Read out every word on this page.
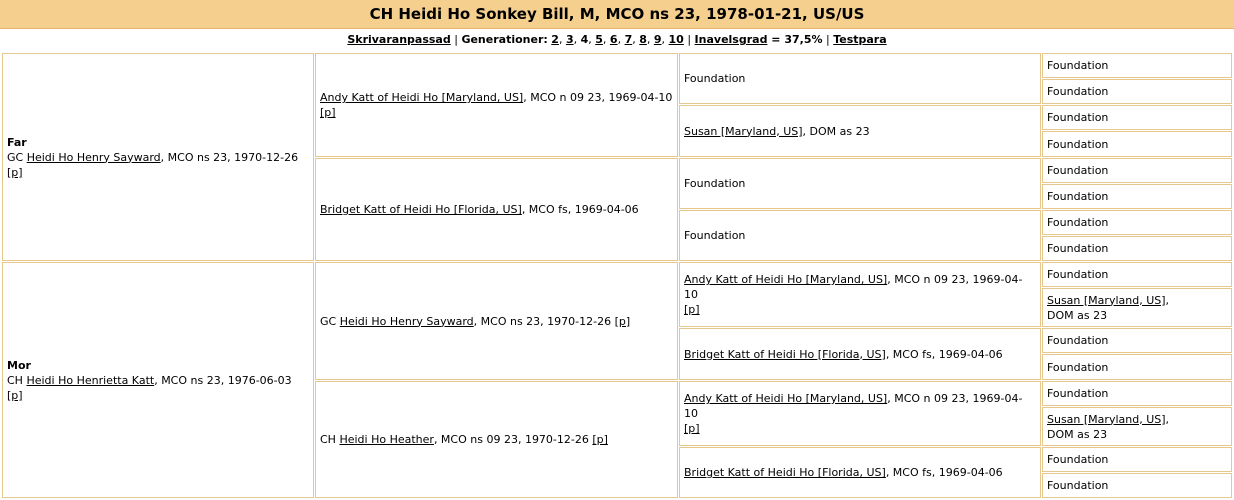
CH Heidi Ho Sonkey Bill, M, MCO ns 23, 1978-01-21, US/US
Skrivaranpassad | Generationer: 2, 3, 4, 5, 6, 7, 8, 9, 10 | Inavelsgrad = 37,5% | Testpara
Far
GC Heidi Ho Henry Sayward, MCO ns 23, 1970-12-26
[p]
Mor
CH Heidi Ho Henrietta Katt, MCO ns 23, 1976-06-03 [p]
Andy Katt of Heidi Ho [Maryland, US], MCO n 09 23, 1969-04-10
[p]
Bridget Katt of Heidi Ho [Florida, US], MCO fs, 1969-04-06
GC Heidi Ho Henry Sayward, MCO ns 23, 1970-12-26 [p]
CH Heidi Ho Heather, MCO ns 09 23, 1970-12-26 [p]
Foundation
Susan [Maryland, US], DOM as 23
Foundation
Foundation
Andy Katt of Heidi Ho [Maryland, US], MCO n 09 23, 1969-04-10
[p]
Bridget Katt of Heidi Ho [Florida, US], MCO fs, 1969-04-06
Andy Katt of Heidi Ho [Maryland, US], MCO n 09 23, 1969-04-10
[p]
Bridget Katt of Heidi Ho [Florida, US], MCO fs, 1969-04-06
Foundation
Foundation
Foundation
Foundation
Foundation
Foundation
Foundation
Foundation
Foundation
Susan [Maryland, US],
DOM as 23
Foundation
Foundation
Foundation
Susan [Maryland, US],
DOM as 23
Foundation
Foundation
